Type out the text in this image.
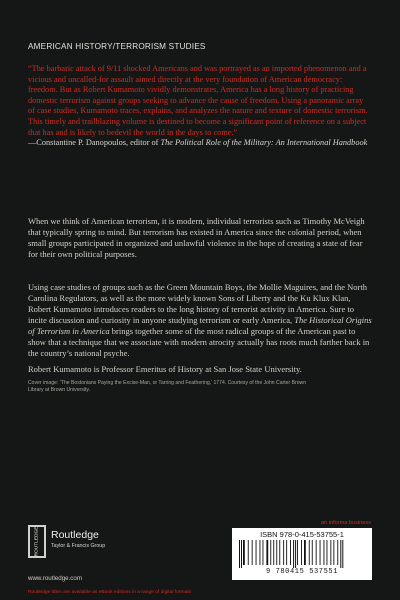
AMERICAN HISTORY/TERRORISM STUDIES
“The barbaric attack of 9/11 shocked Americans and was portrayed as an imported phenomenon and a vicious and uncalled-for assault aimed directly at the very foundation of American democracy: freedom. But as Robert Kumamoto vividly demonstrates, America has a long history of practicing domestic terrorism against groups seeking to advance the cause of freedom. Using a panoramic array of case studies, Kumamoto traces, explains, and analyzes the nature and texture of domestic terrorism. This timely and trailblazing volume is destined to become a significant point of reference on a subject that has and is likely to bedevil the world in the days to come.”
—Constantine P. Danopoulos, editor of The Political Role of the Military: An International Handbook
When we think of American terrorism, it is modern, individual terrorists such as Timothy McVeigh that typically spring to mind. But terrorism has existed in America since the colonial period, when small groups participated in organized and unlawful violence in the hope of creating a state of fear for their own political purposes.
Using case studies of groups such as the Green Mountain Boys, the Mollie Maguires, and the North Carolina Regulators, as well as the more widely known Sons of Liberty and the Ku Klux Klan, Robert Kumamoto introduces readers to the long history of terrorist activity in America. Sure to incite discussion and curiosity in anyone studying terrorism or early America, The Historical Origins of Terrorism in America brings together some of the most radical groups of the American past to show that a technique that we associate with modern atrocity actually has roots much farther back in the country’s national psyche.
Robert Kumamoto is Professor Emeritus of History at San Jose State University.
Cover image: ‘The Bostonians Paying the Excise-Man, or Tarring and Feathering,’ 1774. Courtesy of the John Carter Brown Library at Brown University.
ROUTLEDGE Routledge
Taylor & Francis Group
www.routledge.com
Routledge titles are available as eBook editions in a range of digital formats
an informa business
ISBN 978-0-415-53755-1
9 780415 537551
